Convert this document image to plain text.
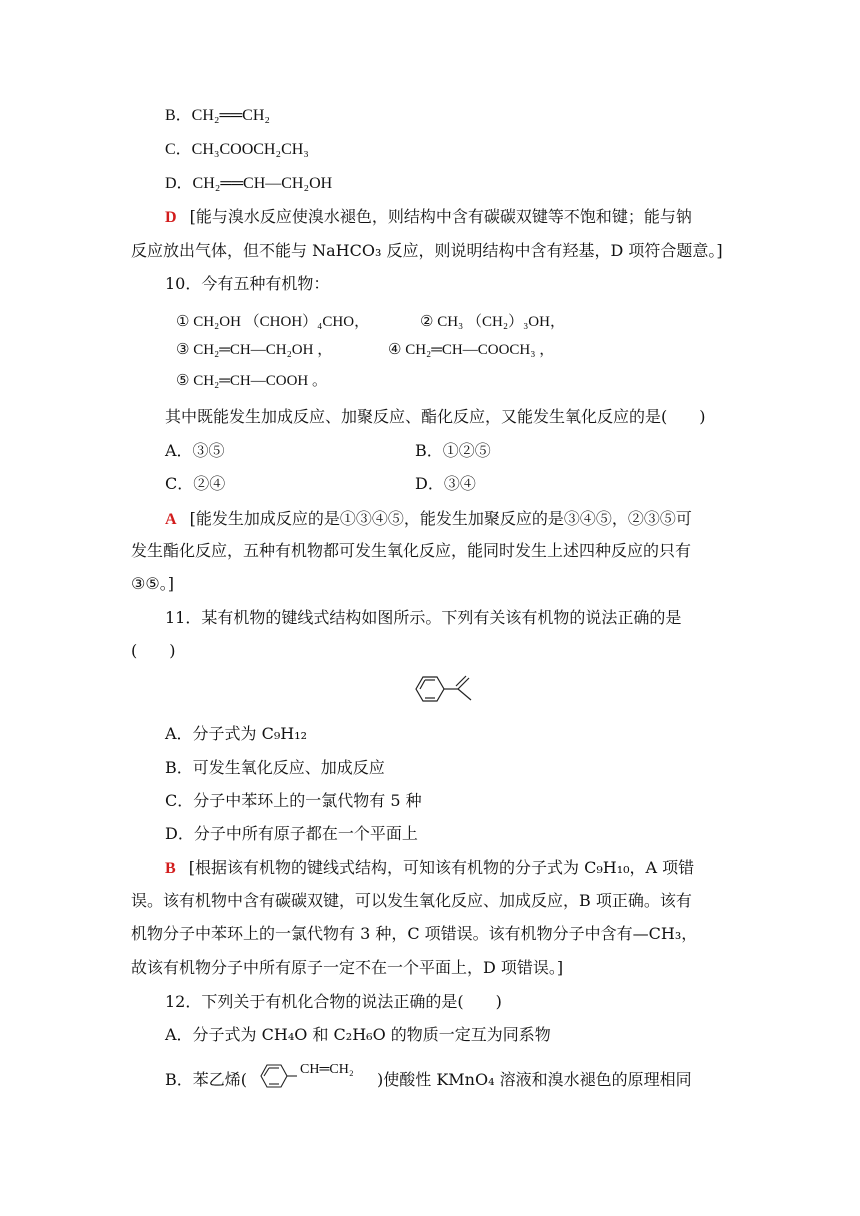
B．CH₂══CH₂
C．CH₃COOCH₂CH₃
D．CH₂══CH—CH₂OH
D [能与溴水反应使溴水褪色，则结构中含有碳碳双键等不饱和键；能与钠
反应放出气体，但不能与 NaHCO₃ 反应，则说明结构中含有羟基，D 项符合题意。]
10．今有五种有机物：
① CH₂OH （CHOH）₄CHO，	② CH₃ （CH₂）₃OH，
③ CH₂═CH—CH₂OH ，	④ CH₂═CH—COOCH₃ ，
⑤ CH₂═CH—COOH 。
其中既能发生加成反应、加聚反应、酯化反应，又能发生氧化反应的是(　　)
A．③⑤	B．①②⑤
C．②④	D．③④
A [能发生加成反应的是①③④⑤，能发生加聚反应的是③④⑤，②③⑤可
发生酯化反应，五种有机物都可发生氧化反应，能同时发生上述四种反应的只有
③⑤。]
11．某有机物的键线式结构如图所示。下列有关该有机物的说法正确的是
(　　)
A．分子式为 C₉H₁₂
B．可发生氧化反应、加成反应
C．分子中苯环上的一氯代物有 5 种
D．分子中所有原子都在一个平面上
B [根据该有机物的键线式结构，可知该有机物的分子式为 C₉H₁₀，A 项错
误。该有机物中含有碳碳双键，可以发生氧化反应、加成反应，B 项正确。该有
机物分子中苯环上的一氯代物有 3 种，C 项错误。该有机物分子中含有—CH₃，
故该有机物分子中所有原子一定不在一个平面上，D 项错误。]
12．下列关于有机化合物的说法正确的是(　　)
A．分子式为 CH₄O 和 C₂H₆O 的物质一定互为同系物
B．苯乙烯(
CH═CH₂
)使酸性 KMnO₄ 溶液和溴水褪色的原理相同
